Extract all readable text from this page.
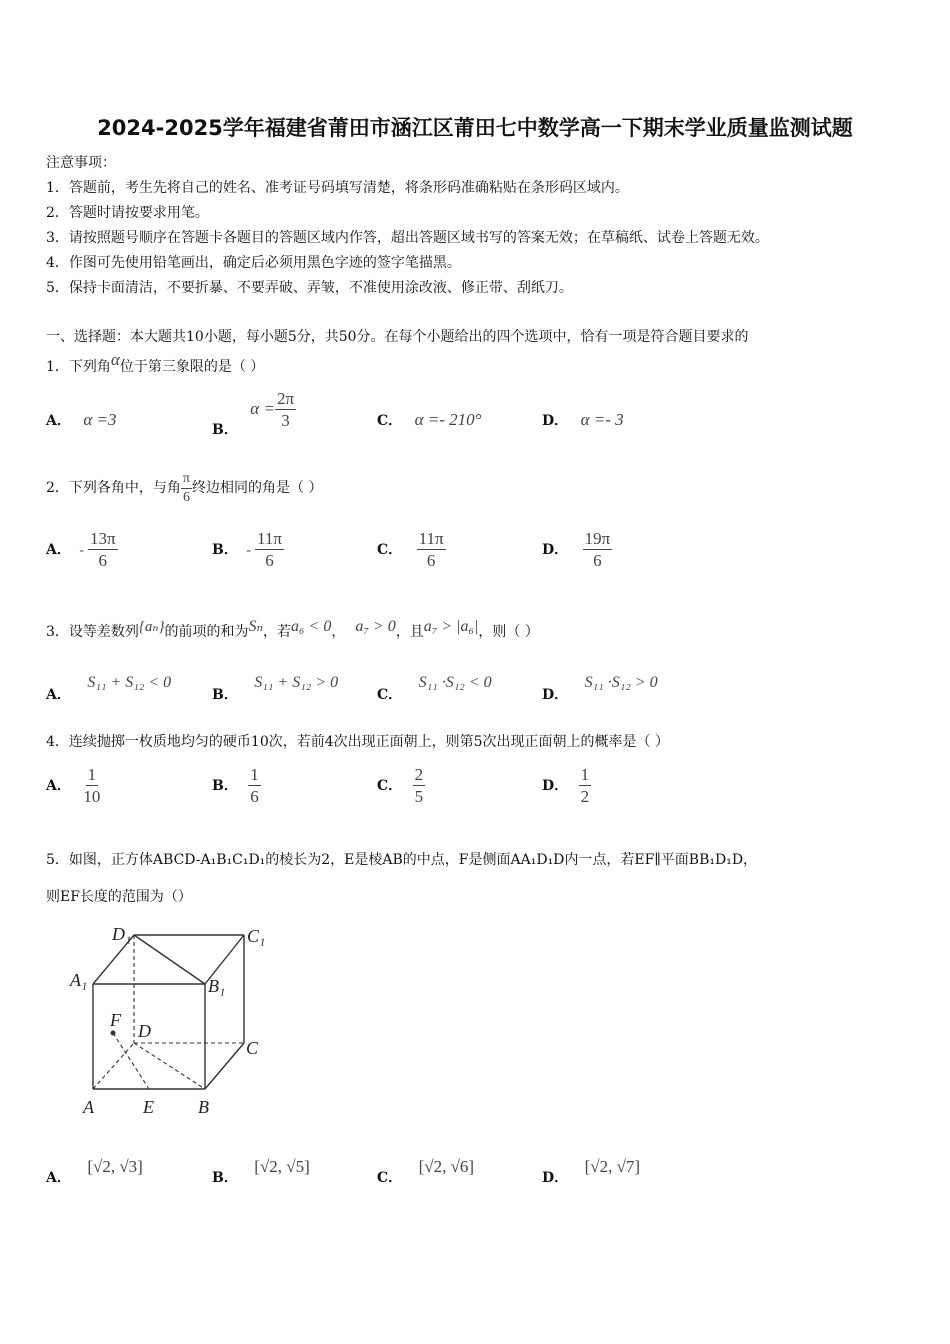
2024-2025学年福建省莆田市涵江区莆田七中数学高一下期末学业质量监测试题
注意事项：
1．答题前，考生先将自己的姓名、准考证号码填写清楚，将条形码准确粘贴在条形码区域内。
2．答题时请按要求用笔。
3．请按照题号顺序在答题卡各题目的答题区域内作答，超出答题区域书写的答案无效；在草稿纸、试卷上答题无效。
4．作图可先使用铅笔画出，确定后必须用黑色字迹的签字笔描黑。
5．保持卡面清洁，不要折暴、不要弄破、弄皱，不准使用涂改液、修正带、刮纸刀。
一、选择题：本大题共10小题，每小题5分，共50分。在每个小题给出的四个选项中，恰有一项是符合题目要求的
1．下列角α位于第三象限的是（ ）
A． α =3
B． $\alpha = \frac{2\pi}{3}$	C． α =- 210°	D． α =- 3
2．下列各角中，与角 $\frac{\pi}{6}$ 终边相同的角是（ ）
A． - $\frac{13\pi}{6}$	B． - $\frac{11\pi}{6}$	C． $\frac{11\pi}{6}$	D． $\frac{19\pi}{6}$
3．设等差数列{aₙ}的前项的和为Sₙ，若a₆ < 0， a₇ > 0，且a₇ > |a₆|，则（ ）
A． S₁₁ + S₁₂ < 0
B． S₁₁ + S₁₂ > 0
C． S₁₁ ·S₁₂ < 0
D． S₁₁ ·S₁₂ > 0
4．连续抛掷一枚质地均匀的硬币10次，若前4次出现正面朝上，则第5次出现正面朝上的概率是（ ）
A． $\frac{1}{10}$	B． $\frac{1}{6}$	C． $\frac{2}{5}$	D． $\frac{1}{2}$
5．如图，正方体ABCD-A₁B₁C₁D₁的棱长为2，E是棱AB的中点，F是侧面AA₁D₁D内一点，若EF∥平面BB₁D₁D，
则EF长度的范围为（）
D₁	C₁
A₁	B₁
F
D
C
A	E B
A． [√2, √3]
B． [√2, √5]
C． [√2, √6]
D． [√2, √7]
